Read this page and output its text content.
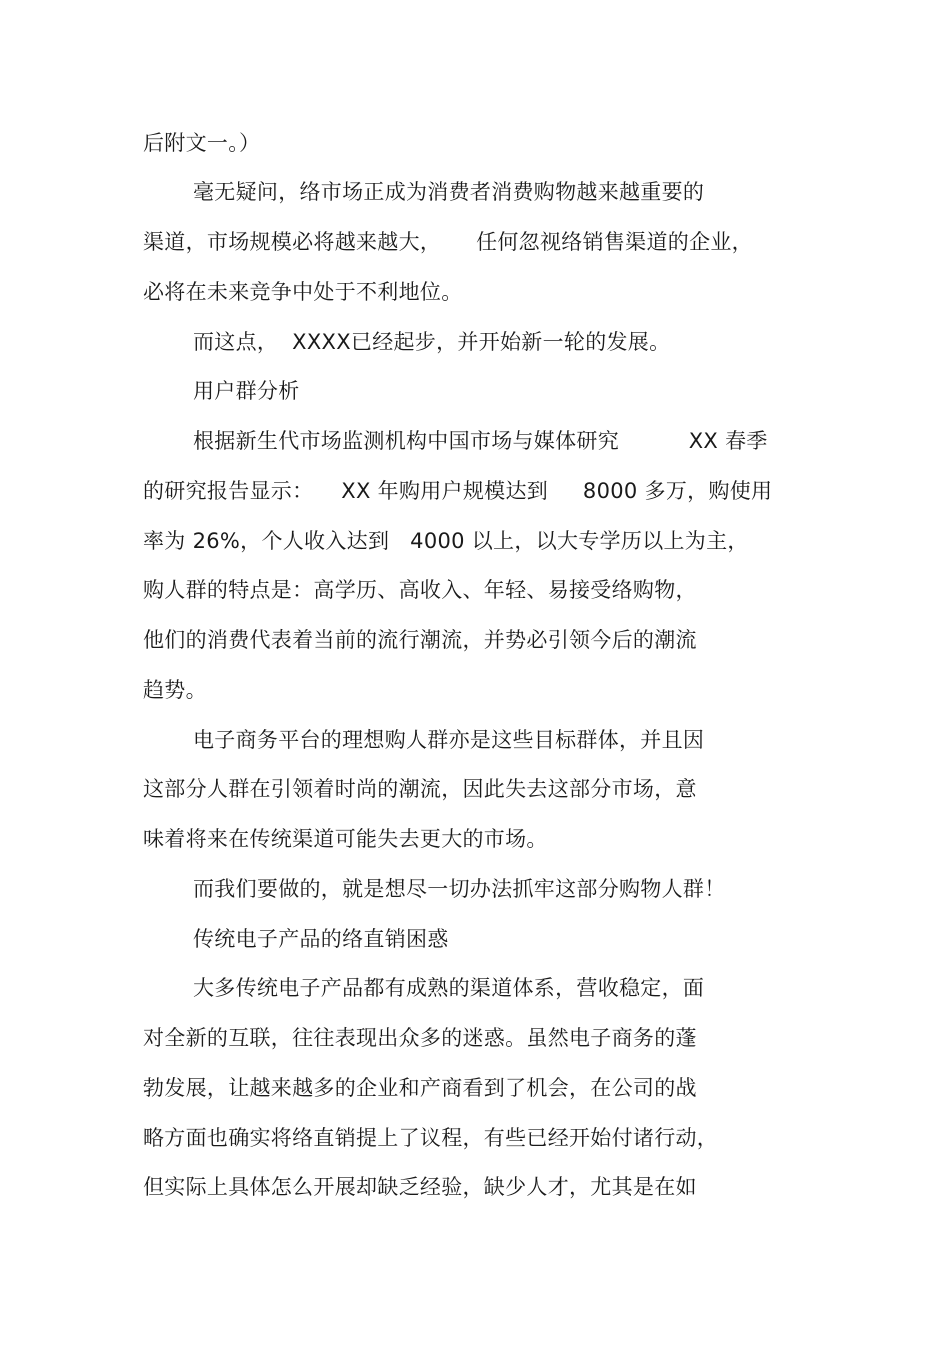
后附文一。）
毫无疑问，络市场正成为消费者消费购物越来越重要的
渠道，市场规模必将越来越大，     任何忽视络销售渠道的企业，
必将在未来竞争中处于不利地位。
而这点，  XXXX已经起步，并开始新一轮的发展。
用户群分析
根据新生代市场监测机构中国市场与媒体研究          XX 春季
的研究报告显示：    XX 年购用户规模达到     8000 多万，购使用
率为 26%，个人收入达到   4000 以上，以大专学历以上为主，
购人群的特点是：高学历、高收入、年轻、易接受络购物，
他们的消费代表着当前的流行潮流，并势必引领今后的潮流
趋势。
电子商务平台的理想购人群亦是这些目标群体，并且因
这部分人群在引领着时尚的潮流，因此失去这部分市场，意
味着将来在传统渠道可能失去更大的市场。
而我们要做的，就是想尽一切办法抓牢这部分购物人群！
传统电子产品的络直销困惑
大多传统电子产品都有成熟的渠道体系，营收稳定，面
对全新的互联，往往表现出众多的迷惑。虽然电子商务的蓬
勃发展，让越来越多的企业和产商看到了机会，在公司的战
略方面也确实将络直销提上了议程，有些已经开始付诸行动，
但实际上具体怎么开展却缺乏经验，缺少人才，尤其是在如
